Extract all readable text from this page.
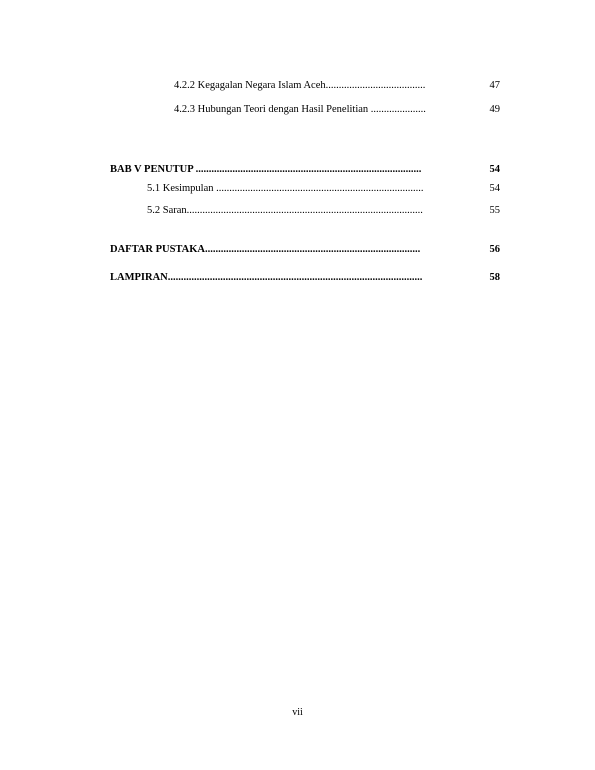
4.2.2 Kegagalan Negara Islam Aceh......................................	47
4.2.3 Hubungan Teori dengan Hasil Penelitian .....................	49
BAB V PENUTUP ......................................................................................	54
5.1 Kesimpulan ...............................................................................	54
5.2 Saran..........................................................................................	55
DAFTAR PUSTAKA..................................................................................	56
LAMPIRAN.................................................................................................	58
vii
